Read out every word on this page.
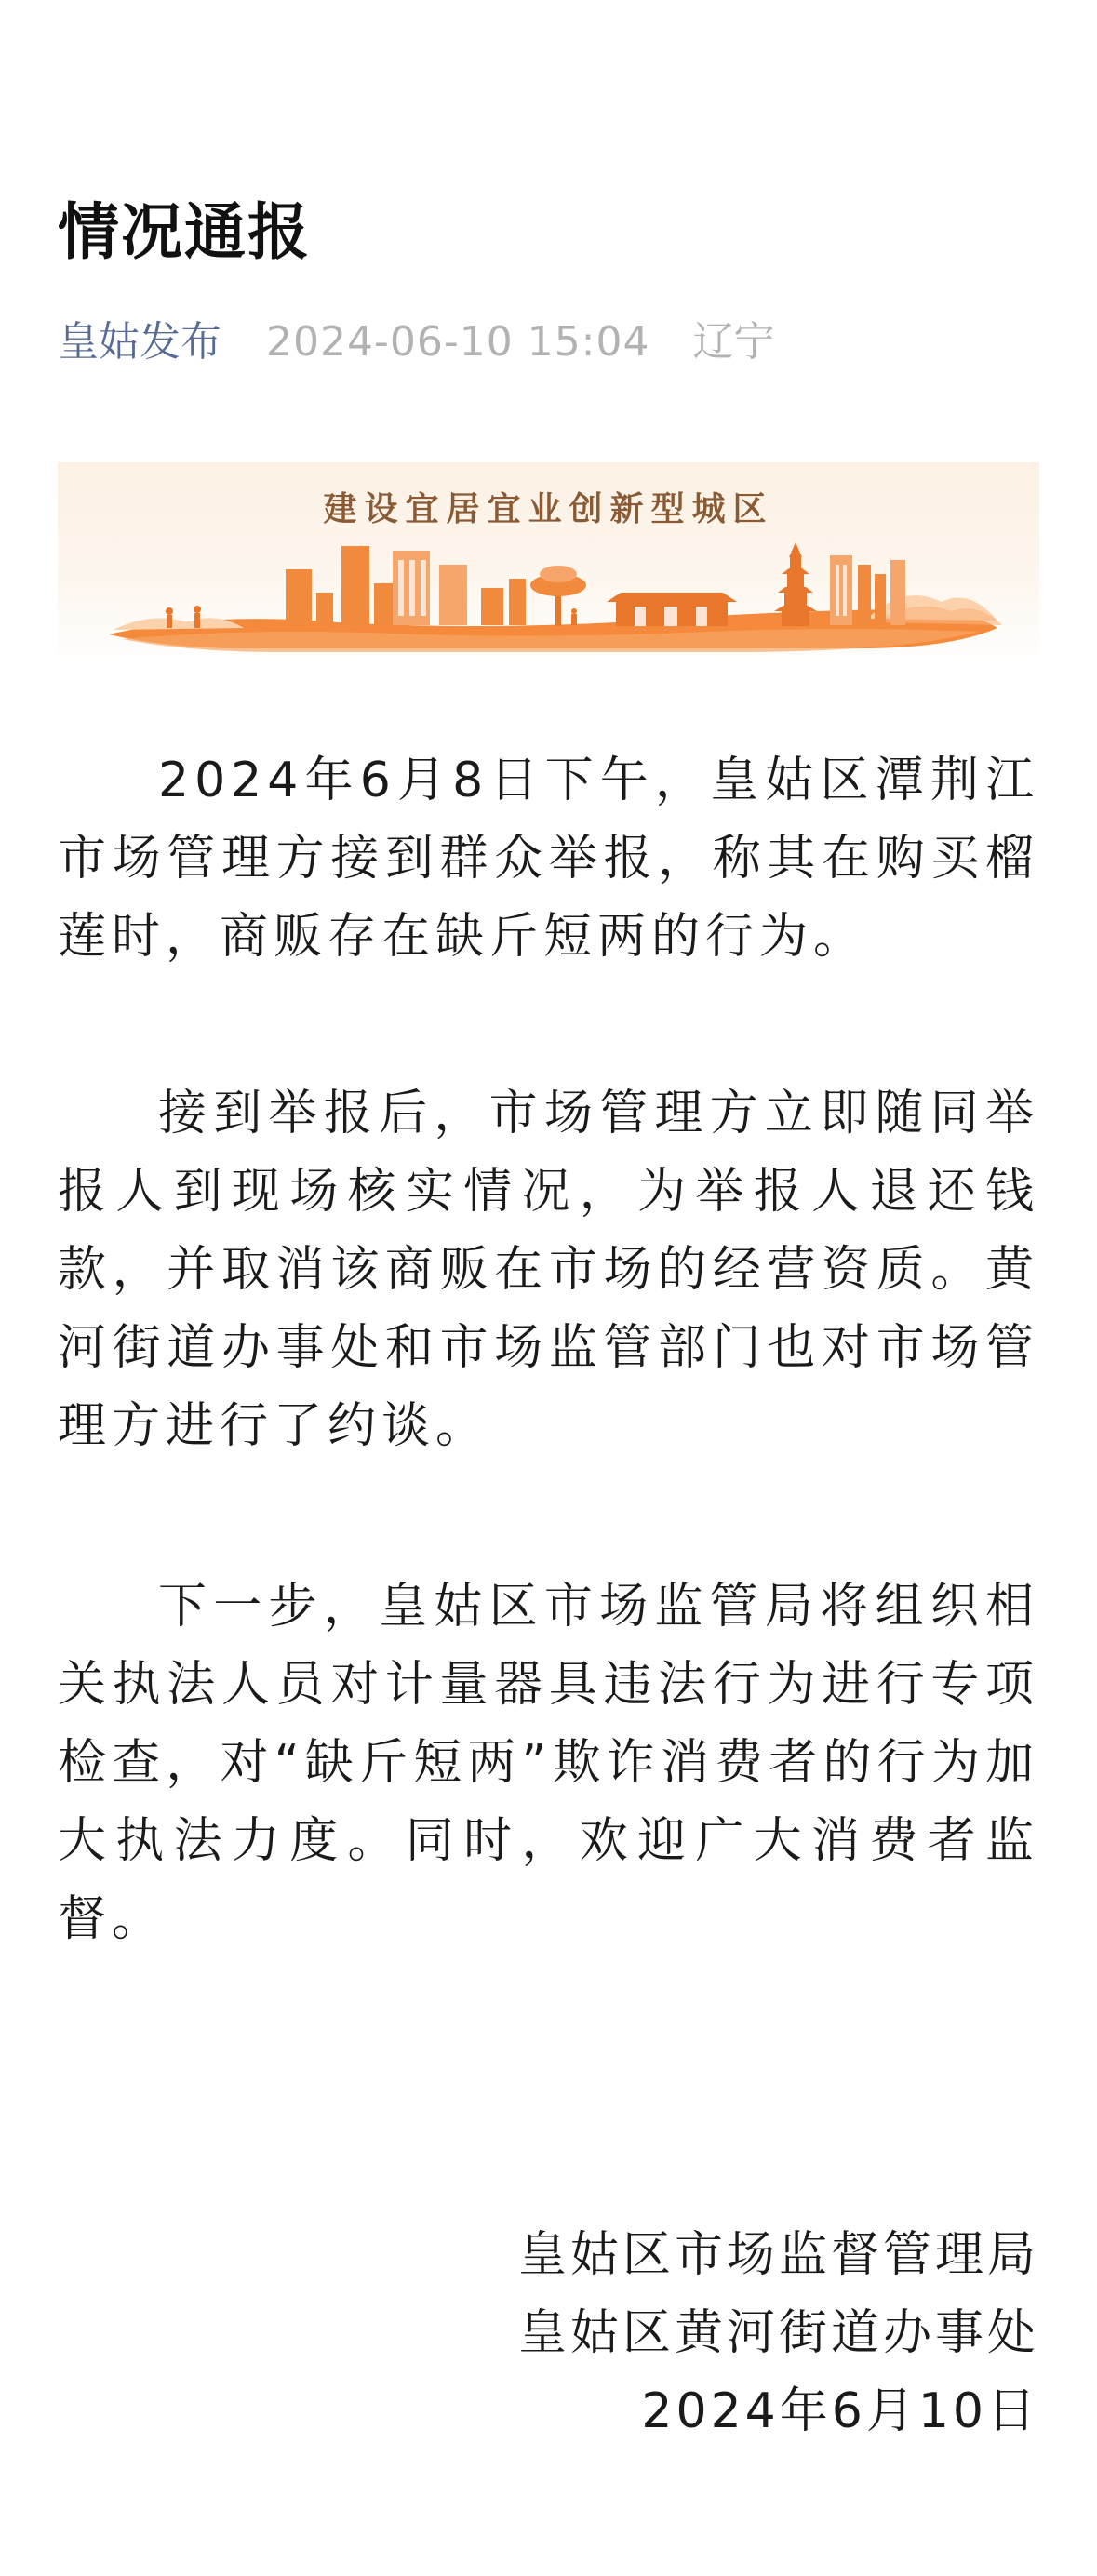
情况通报
皇姑发布 2024-06-10 15:04 辽宁
建设宜居宜业创新型城区

2024年6月8日下午，皇姑区潭荆江市场管理方接到群众举报，称其在购买榴莲时，商贩存在缺斤短两的行为。

接到举报后，市场管理方立即随同举报人到现场核实情况，为举报人退还钱款，并取消该商贩在市场的经营资质。黄河街道办事处和市场监管部门也对市场管理方进行了约谈。

下一步，皇姑区市场监管局将组织相关执法人员对计量器具违法行为进行专项检查，对“缺斤短两”欺诈消费者的行为加大执法力度。同时，欢迎广大消费者监督。

皇姑区市场监督管理局
皇姑区黄河街道办事处
2024年6月10日
